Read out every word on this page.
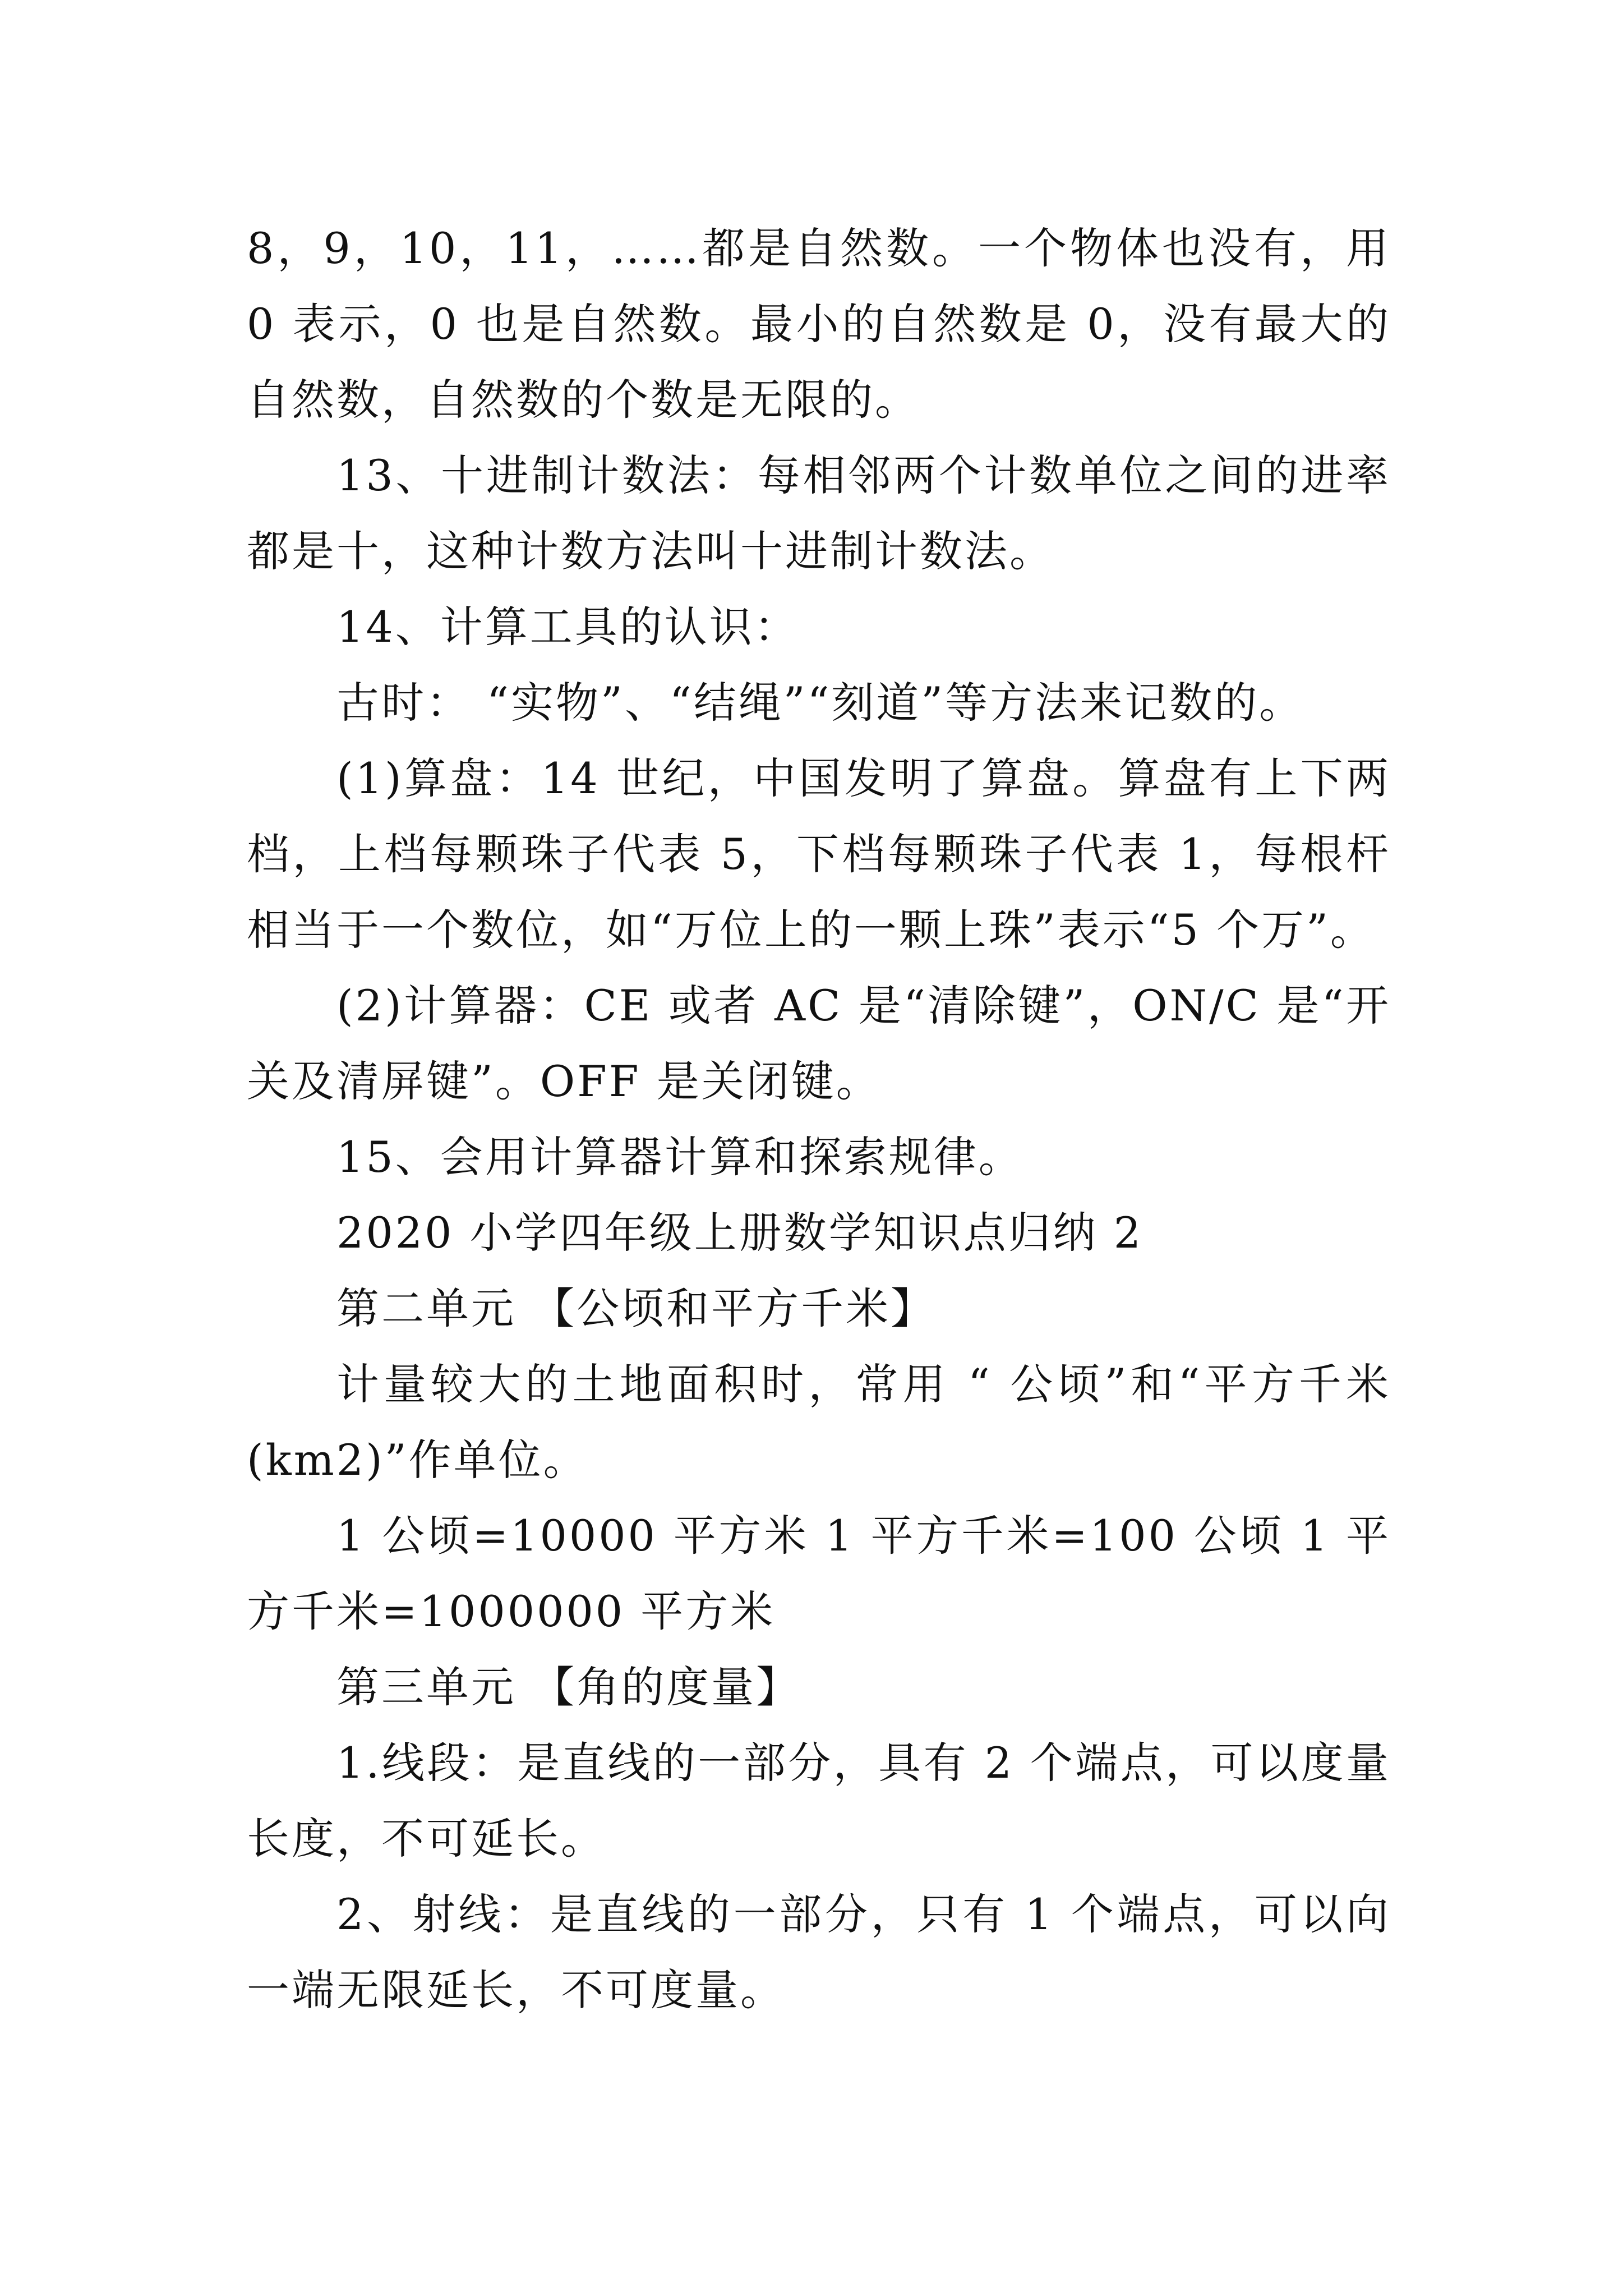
8，9，10，11，……都是自然数。一个物体也没有，用 0 表示，0 也是自然数。最小的自然数是 0，没有最大的自然数，自然数的个数是无限的。

13、十进制计数法：每相邻两个计数单位之间的进率都是十，这种计数方法叫十进制计数法。

14、计算工具的认识：

古时： “实物”、“结绳”“刻道”等方法来记数的。

(1)算盘：14 世纪，中国发明了算盘。算盘有上下两档，上档每颗珠子代表 5，下档每颗珠子代表 1，每根杆相当于一个数位，如“万位上的一颗上珠”表示“5 个万”。

(2)计算器：CE 或者 AC 是“清除键”，ON/C 是“开关及清屏键”。OFF 是关闭键。

15、会用计算器计算和探索规律。

2020 小学四年级上册数学知识点归纳 2

第二单元 【公顷和平方千米】

计量较大的土地面积时，常用 “ 公顷”和“平方千米(km2)”作单位。

1 公顷=10000 平方米 1 平方千米=100 公顷 1 平方千米=1000000 平方米

第三单元 【角的度量】

1.线段：是直线的一部分，具有 2 个端点，可以度量长度，不可延长。

2、射线：是直线的一部分，只有 1 个端点，可以向一端无限延长，不可度量。
